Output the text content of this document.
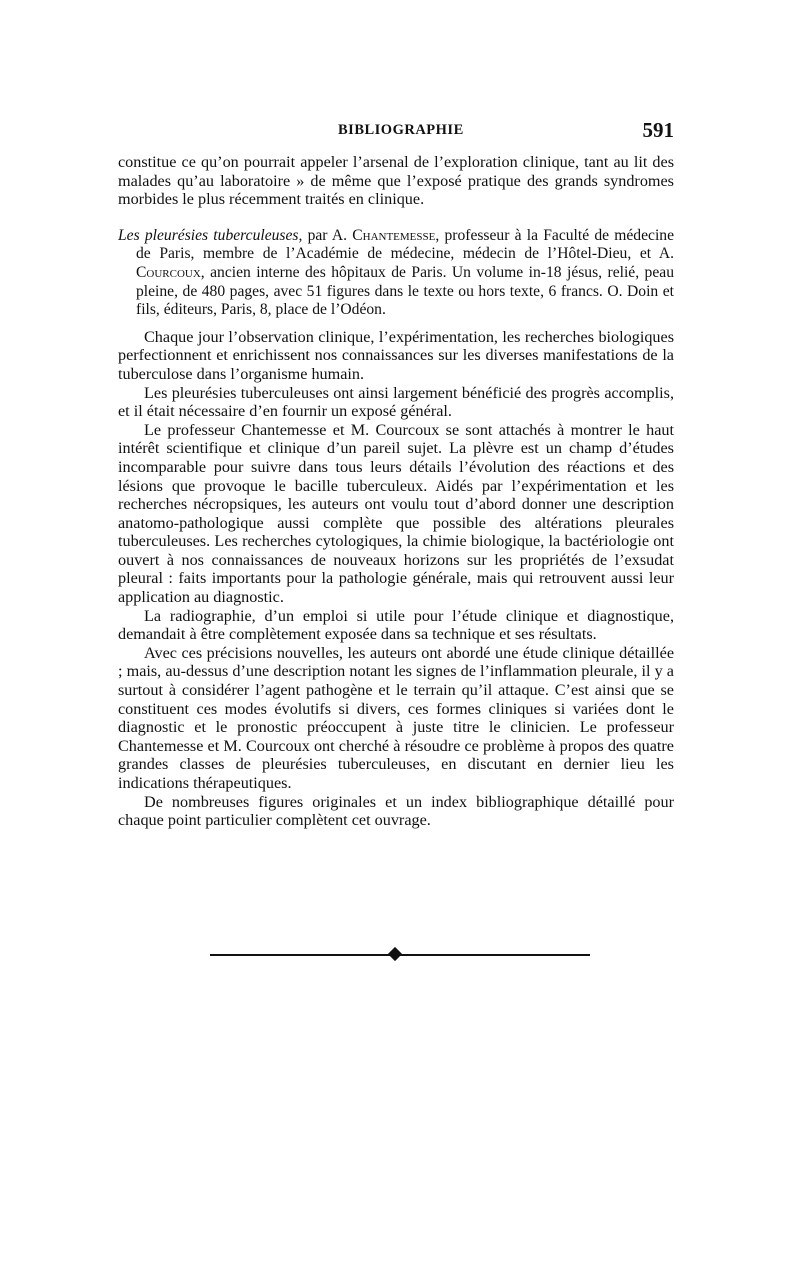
BIBLIOGRAPHIE	591

constitue ce qu’on pourrait appeler l’arsenal de l’exploration clinique, tant au lit des malades qu’au laboratoire » de même que l’exposé pratique des grands syndromes morbides le plus récemment traités en clinique.

Les pleurésies tuberculeuses, par A. Chantemesse, professeur à la Faculté de médecine de Paris, membre de l’Académie de médecine, médecin de l’Hôtel-Dieu, et A. Courcoux, ancien interne des hôpitaux de Paris. Un volume in-18 jésus, relié, peau pleine, de 480 pages, avec 51 figures dans le texte ou hors texte, 6 francs. O. Doin et fils, éditeurs, Paris, 8, place de l’Odéon.

Chaque jour l’observation clinique, l’expérimentation, les recherches biologiques perfectionnent et enrichissent nos connaissances sur les diverses manifestations de la tuberculose dans l’organisme humain.

Les pleurésies tuberculeuses ont ainsi largement bénéficié des progrès accomplis, et il était nécessaire d’en fournir un exposé général.

Le professeur Chantemesse et M. Courcoux se sont attachés à montrer le haut intérêt scientifique et clinique d’un pareil sujet. La plèvre est un champ d’études incomparable pour suivre dans tous leurs détails l’évolution des réactions et des lésions que provoque le bacille tuberculeux. Aidés par l’expérimentation et les recherches nécropsiques, les auteurs ont voulu tout d’abord donner une description anatomo-pathologique aussi complète que possible des altérations pleurales tuberculeuses. Les recherches cytologiques, la chimie biologique, la bactériologie ont ouvert à nos connaissances de nouveaux horizons sur les propriétés de l’exsudat pleural : faits importants pour la pathologie générale, mais qui retrouvent aussi leur application au diagnostic.

La radiographie, d’un emploi si utile pour l’étude clinique et diagnostique, demandait à être complètement exposée dans sa technique et ses résultats.

Avec ces précisions nouvelles, les auteurs ont abordé une étude clinique détaillée ; mais, au-dessus d’une description notant les signes de l’inflammation pleurale, il y a surtout à considérer l’agent pathogène et le terrain qu’il attaque. C’est ainsi que se constituent ces modes évolutifs si divers, ces formes cliniques si variées dont le diagnostic et le pronostic préoccupent à juste titre le clinicien. Le professeur Chantemesse et M. Courcoux ont cherché à résoudre ce problème à propos des quatre grandes classes de pleurésies tuberculeuses, en discutant en dernier lieu les indications thérapeutiques.

De nombreuses figures originales et un index bibliographique détaillé pour chaque point particulier complètent cet ouvrage.
